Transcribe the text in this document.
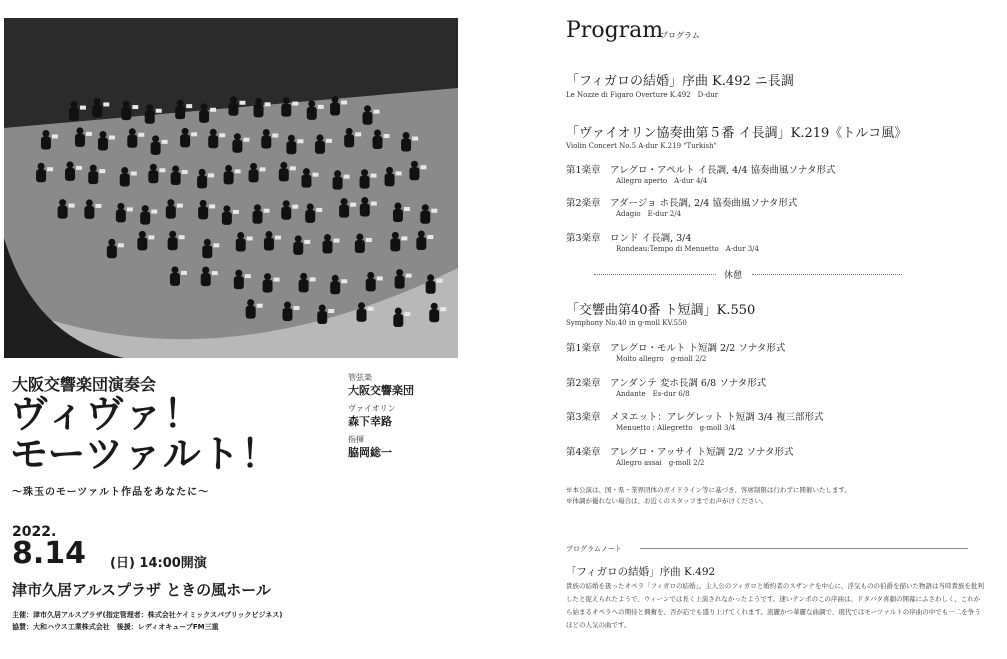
大阪交響楽団演奏会
ヴィヴァ！
モーツァルト！
〜珠玉のモーツァルト作品をあなたに〜
管弦楽
大阪交響楽団
ヴァイオリン
森下幸路
指揮
脇岡総一
2022.
8.14 (日) 14:00開演
津市久居アルスプラザ ときの風ホール
主催：津市久居アルスプラザ(指定管理者：株式会社ケイミックスパブリックビジネス)
協賛：大和ハウス工業株式会社　後援：レディオキューブFM三重
Program
プログラム
「フィガロの結婚」序曲 K.492 ニ長調
Le Nozze di Figaro Overture K.492　D-dur
「ヴァイオリン協奏曲第５番 イ長調」K.219《トルコ風》
Violin Concert No.5 A-dur K.219 "Turkish"
第1楽章　アレグロ・アペルト イ長調, 4/4 協奏曲風ソナタ形式
Allegro aperto　A-dur 4/4
第2楽章　アダージョ ホ長調, 2/4 協奏曲風ソナタ形式
Adagio　E-dur 2/4
第3楽章　ロンド イ長調, 3/4
Rondeau:Tempo di Menuetto　A-dur 3/4
休憩
「交響曲第40番 ト短調」K.550
Symphony No.40 in g-moll KV.550
第1楽章　アレグロ・モルト ト短調 2/2 ソナタ形式
Molto allegro　g-moll 2/2
第2楽章　アンダンテ 変ホ長調 6/8 ソナタ形式
Andante　Es-dur 6/8
第3楽章　メヌエット：アレグレット ト短調 3/4 複三部形式
Menuetto : Allegretto　g-moll 3/4
第4楽章　アレグロ・アッサイ ト短調 2/2 ソナタ形式
Allegro assai　g-moll 2/2
※本公演は、国・県・業界団体のガイドライン等に基づき、客席制限は行わずに開催いたします。
※体調が優れない場合は、お近くのスタッフまでお声がけください。
プログラムノート
「フィガロの結婚」序曲 K.492
貴族の結婚を扱ったオペラ「フィガロの結婚」。主人公のフィガロと婚約者のスザンナを中心に、浮気ものの伯爵を描いた物語は当時貴族を批判したと捉えられたようで、ウィーンでは長く上演されなかったようです。速いテンポのこの序曲は、ドタバタ喜劇の開幕にふさわしく、これから始まるオペラへの期待と興奮を、否が応でも盛り上げてくれます。流麗かつ華麗な曲調で、現代ではモーツァルトの序曲の中でも一二を争うほどの人気の曲です。
